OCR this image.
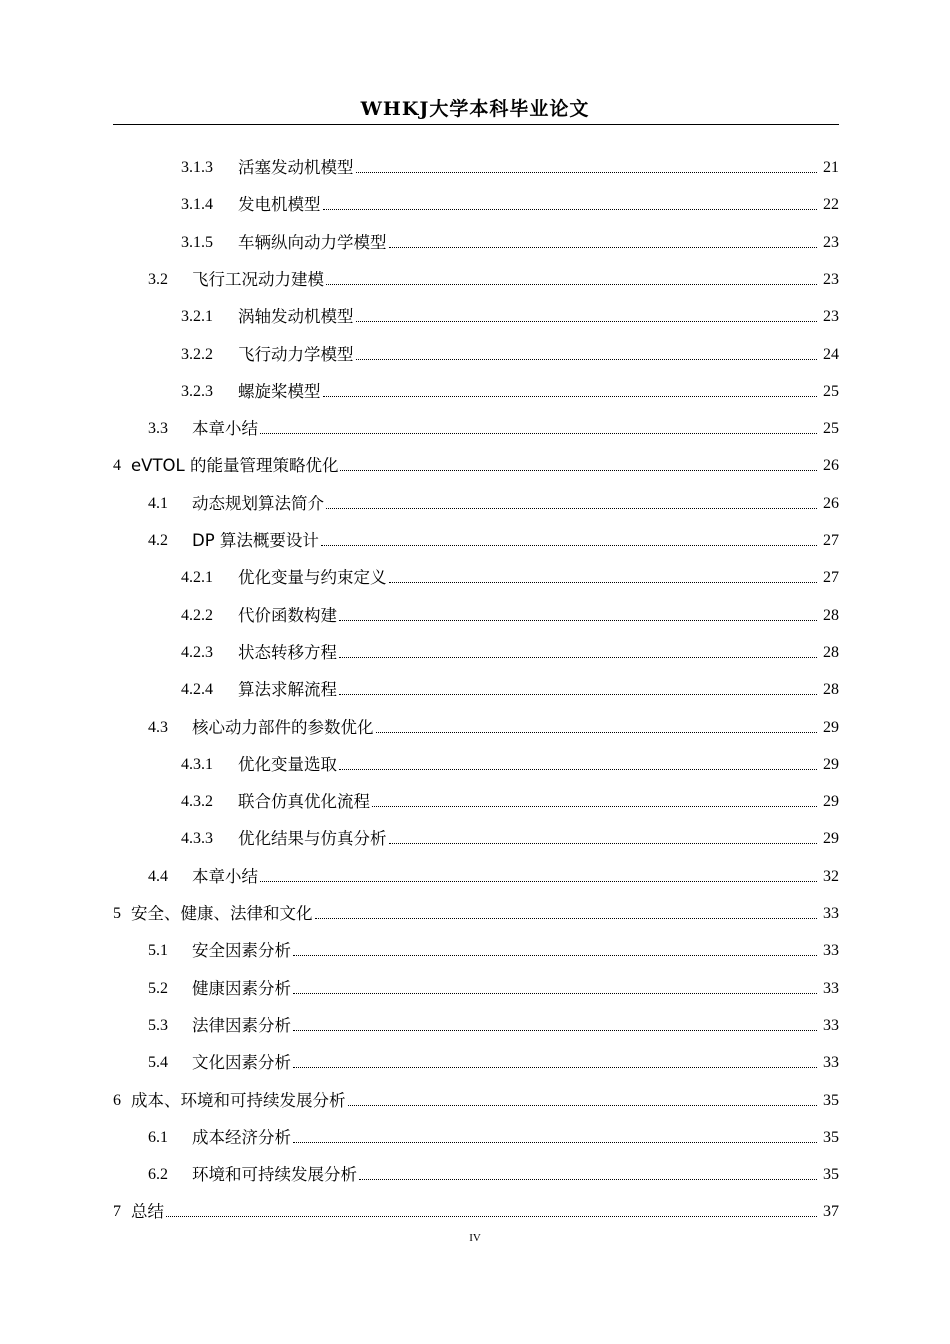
WHKJ大学本科毕业论文
3.1.3	活塞发动机模型	21
3.1.4	发电机模型	22
3.1.5	车辆纵向动力学模型	23
3.2	飞行工况动力建模	23
3.2.1	涡轴发动机模型	23
3.2.2	飞行动力学模型	24
3.2.3	螺旋桨模型	25
3.3	本章小结	25
4 eVTOL 的能量管理策略优化	26
4.1	动态规划算法简介	26
4.2	DP 算法概要设计	27
4.2.1	优化变量与约束定义	27
4.2.2	代价函数构建	28
4.2.3	状态转移方程	28
4.2.4	算法求解流程	28
4.3	核心动力部件的参数优化	29
4.3.1	优化变量选取	29
4.3.2	联合仿真优化流程	29
4.3.3	优化结果与仿真分析	29
4.4	本章小结	32
5 安全、健康、法律和文化	33
5.1	安全因素分析	33
5.2	健康因素分析	33
5.3	法律因素分析	33
5.4	文化因素分析	33
6 成本、环境和可持续发展分析	35
6.1	成本经济分析	35
6.2	环境和可持续发展分析	35
7 总结	37
IV
